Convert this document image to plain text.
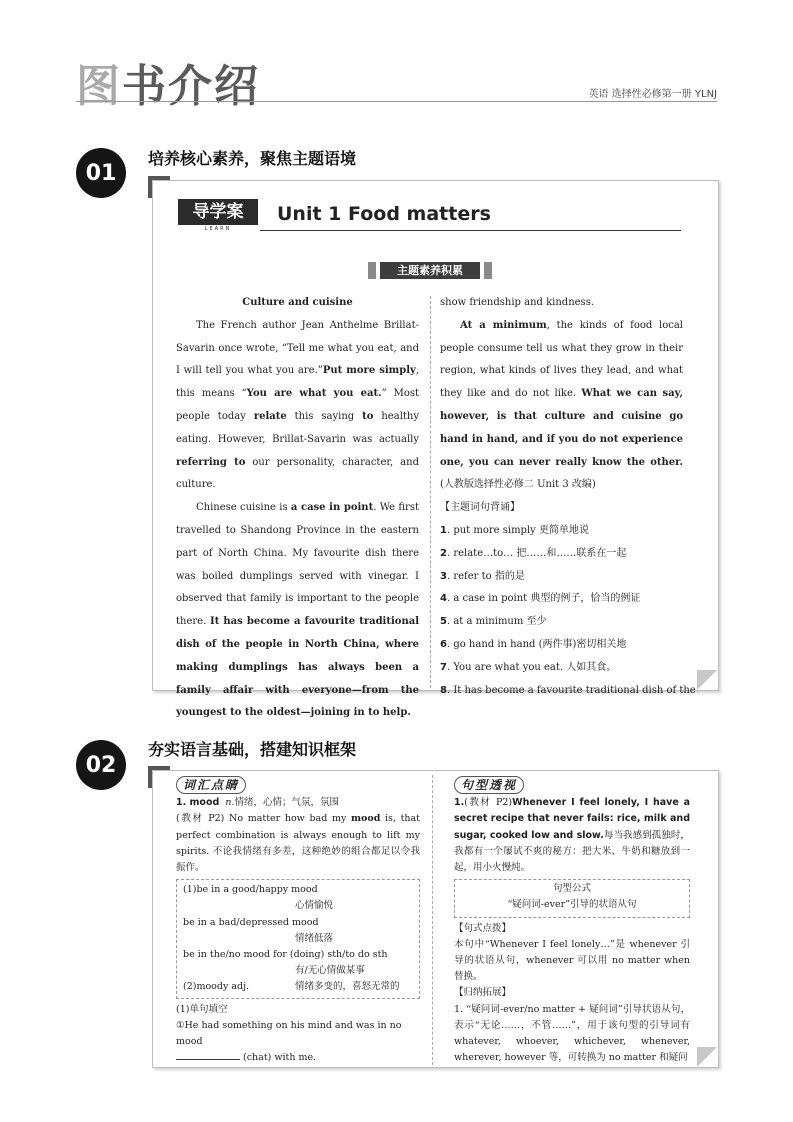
图书介绍	英语 选择性必修第一册 YLNJ
01
培养核心素养，聚焦主题语境
导学案
LEARN
Unit 1 Food matters
主题素养积累

Culture and cuisine

The French author Jean Anthelme Brillat-Savarin once wrote, “Tell me what you eat, and I will tell you what you are.”Put more simply, this means “You are what you eat.” Most people today relate this saying to healthy eating. However, Brillat-Savarin was actually referring to our personality, character, and culture.

Chinese cuisine is a case in point. We first travelled to Shandong Province in the eastern part of North China. My favourite dish there was boiled dumplings served with vinegar. I observed that family is important to the people there. It has become a favourite traditional dish of the people in North China, where making dumplings has always been a family affair with everyone—from the youngest to the oldest—joining in to help.

show friendship and kindness.

At a minimum, the kinds of food local people consume tell us what they grow in their region, what kinds of lives they lead, and what they like and do not like. What we can say, however, is that culture and cuisine go hand in hand, and if you do not experience one, you can never really know the other.(人教版选择性必修二 Unit 3 改编)

【主题词句背诵】

1. put more simply 更简单地说

2. relate…to… 把……和……联系在一起

3. refer to 指的是

4. a case in point 典型的例子，恰当的例证

5. at a minimum 至少

6. go hand in hand (两件事)密切相关地

7. You are what you eat. 人如其食。

8. It has become a favourite traditional dish of the

02
夯实语言基础，搭建知识框架

词汇点睛

1. mood n.情绪，心情；气氛，氛围

(教材 P2) No matter how bad my mood is, that perfect combination is always enough to lift my spirits. 不论我情绪有多差，这种绝妙的组合都足以令我振作。

(1)be in a good/happy mood
心情愉悦
be in a bad/depressed mood
情绪低落
be in the/no mood for (doing) sth/to do sth
有/无心情做某事
(2)moody adj.	情绪多变的，喜怒无常的

(1)单句填空

①He had something on his mind and was in no mood

(chat) with me.

句型透视

1.(教材 P2)Whenever I feel lonely, I have a secret recipe that never fails: rice, milk and sugar, cooked low and slow.每当我感到孤独时，我都有一个屡试不爽的秘方：把大米、牛奶和糖放到一起，用小火慢炖。

句型公式
“疑问词-ever”引导的状语从句

【句式点拨】

本句中“Whenever I feel lonely…”是 whenever 引导的状语从句，whenever 可以用 no matter when 替换。

【归纳拓展】

1. “疑问词-ever/no matter + 疑问词”引导状语从句，表示“无论……，不管……”，用于该句型的引导词有 whatever, whoever, whichever, whenever, wherever, however 等，可转换为 no matter 和疑问
